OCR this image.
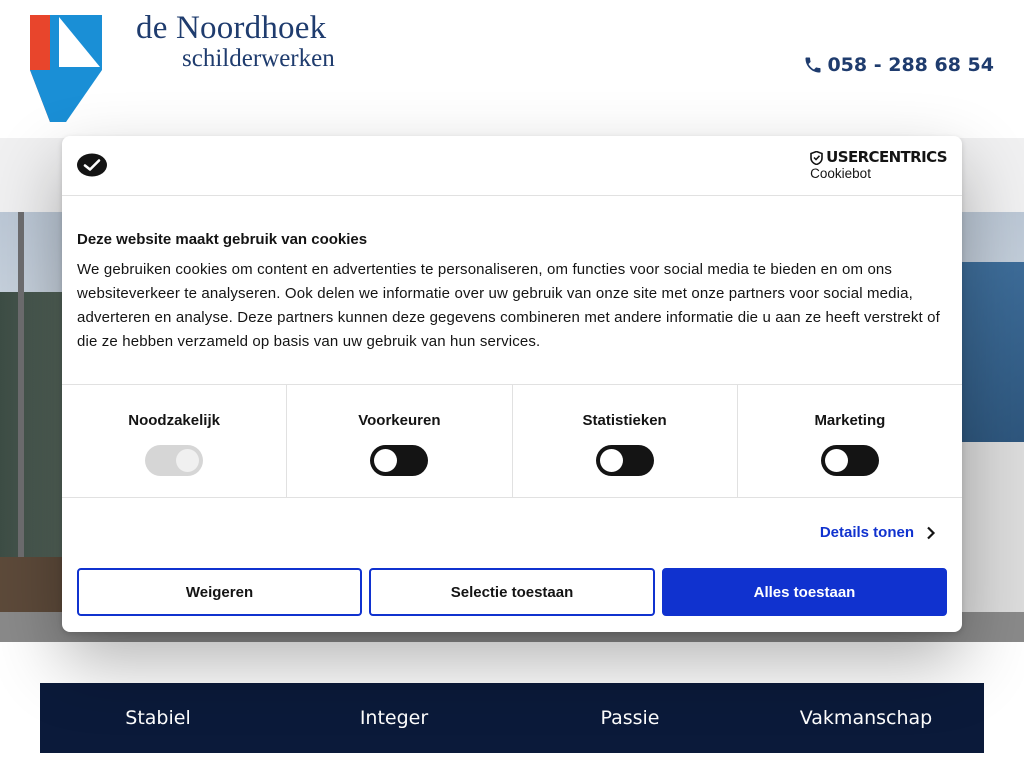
de Noordhoek
schilderwerken	058 - 288 68 54
Stabiel	Integer	Passie	Vakmanschap
USERCENTRICS
Cookiebot
Deze website maakt gebruik van cookies
We gebruiken cookies om content en advertenties te personaliseren, om functies voor social media te bieden en om ons websiteverkeer te analyseren. Ook delen we informatie over uw gebruik van onze site met onze partners voor social media, adverteren en analyse. Deze partners kunnen deze gegevens combineren met andere informatie die u aan ze heeft verstrekt of die ze hebben verzameld op basis van uw gebruik van hun services.
Noodzakelijk	Voorkeuren	Statistieken	Marketing
Details tonen
Weigeren	Selectie toestaan	Alles toestaan
